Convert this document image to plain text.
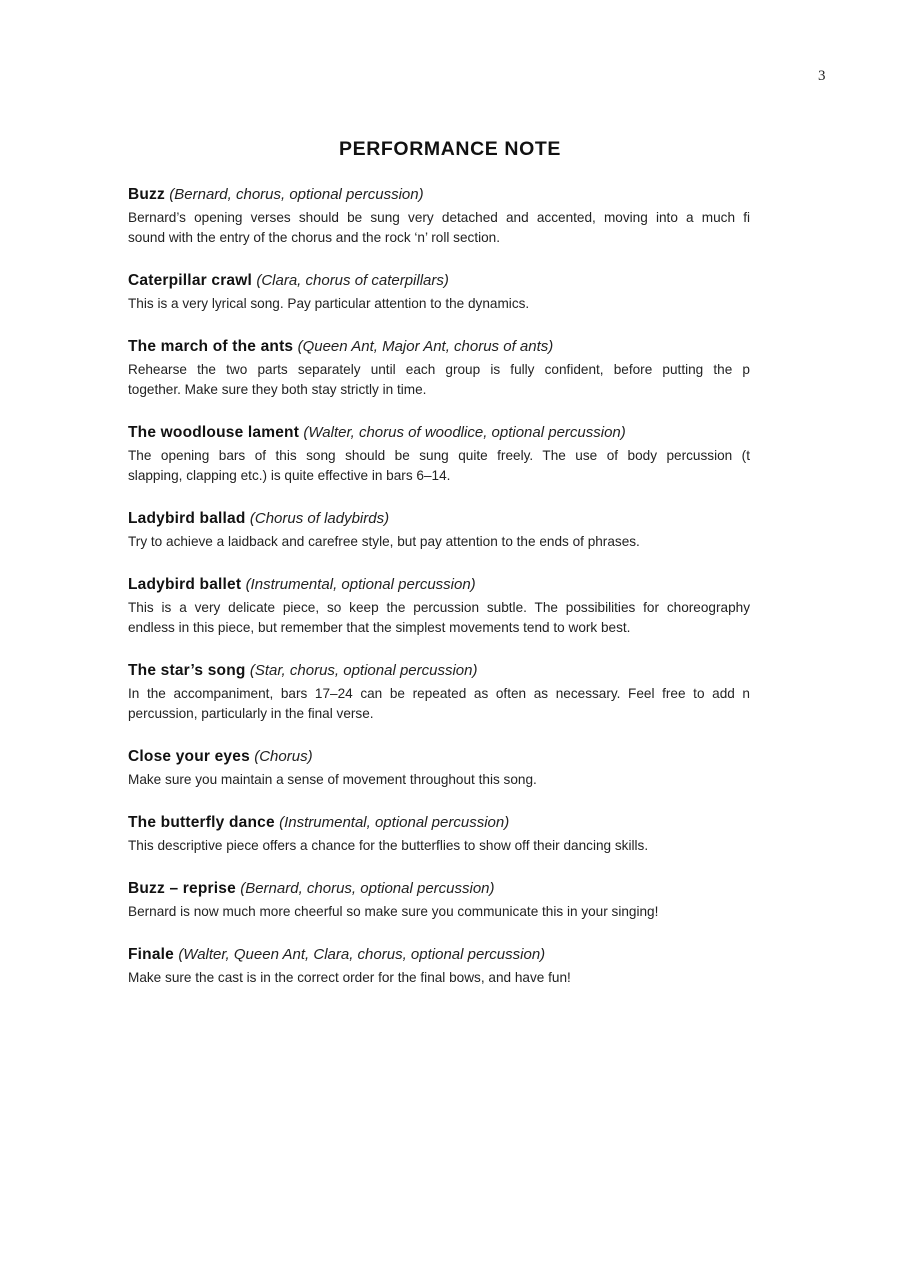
3
PERFORMANCE NOTE
Buzz (Bernard, chorus, optional percussion)
Bernard’s opening verses should be sung very detached and accented, moving into a much fi
sound with the entry of the chorus and the rock ‘n’ roll section.
Caterpillar crawl (Clara, chorus of caterpillars)
This is a very lyrical song. Pay particular attention to the dynamics.
The march of the ants (Queen Ant, Major Ant, chorus of ants)
Rehearse the two parts separately until each group is fully confident, before putting the p
together. Make sure they both stay strictly in time.
The woodlouse lament (Walter, chorus of woodlice, optional percussion)
The opening bars of this song should be sung quite freely. The use of body percussion (t
slapping, clapping etc.) is quite effective in bars 6–14.
Ladybird ballad (Chorus of ladybirds)
Try to achieve a laidback and carefree style, but pay attention to the ends of phrases.
Ladybird ballet (Instrumental, optional percussion)
This is a very delicate piece, so keep the percussion subtle. The possibilities for choreography
endless in this piece, but remember that the simplest movements tend to work best.
The star’s song (Star, chorus, optional percussion)
In the accompaniment, bars 17–24 can be repeated as often as necessary. Feel free to add n
percussion, particularly in the final verse.
Close your eyes (Chorus)
Make sure you maintain a sense of movement throughout this song.
The butterfly dance (Instrumental, optional percussion)
This descriptive piece offers a chance for the butterflies to show off their dancing skills.
Buzz – reprise (Bernard, chorus, optional percussion)
Bernard is now much more cheerful so make sure you communicate this in your singing!
Finale (Walter, Queen Ant, Clara, chorus, optional percussion)
Make sure the cast is in the correct order for the final bows, and have fun!
